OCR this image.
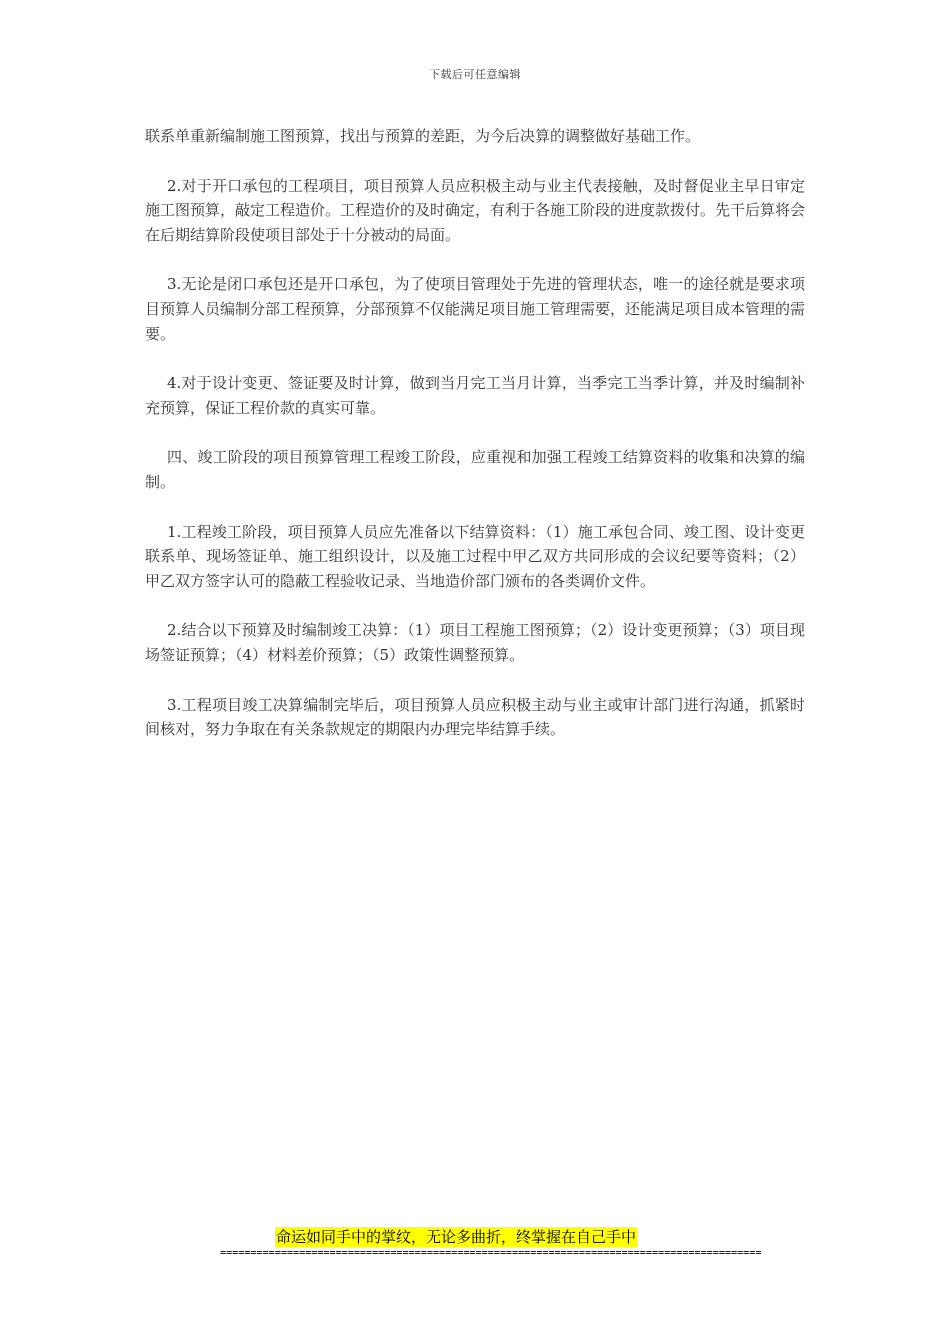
下载后可任意编辑

联系单重新编制施工图预算，找出与预算的差距，为今后决算的调整做好基础工作。

2.对于开口承包的工程项目，项目预算人员应积极主动与业主代表接触，及时督促业主早日审定施工图预算，敲定工程造价。工程造价的及时确定，有利于各施工阶段的进度款拨付。先干后算将会在后期结算阶段使项目部处于十分被动的局面。

3.无论是闭口承包还是开口承包，为了使项目管理处于先进的管理状态，唯一的途径就是要求项目预算人员编制分部工程预算，分部预算不仅能满足项目施工管理需要，还能满足项目成本管理的需要。

4.对于设计变更、签证要及时计算，做到当月完工当月计算，当季完工当季计算，并及时编制补充预算，保证工程价款的真实可靠。

四、竣工阶段的项目预算管理工程竣工阶段，应重视和加强工程竣工结算资料的收集和决算的编制。

1.工程竣工阶段，项目预算人员应先准备以下结算资料：（1）施工承包合同、竣工图、设计变更联系单、现场签证单、施工组织设计，以及施工过程中甲乙双方共同形成的会议纪要等资料；（2）甲乙双方签字认可的隐蔽工程验收记录、当地造价部门颁布的各类调价文件。

2.结合以下预算及时编制竣工决算：（1）项目工程施工图预算；（2）设计变更预算；（3）项目现场签证预算；（4）材料差价预算；（5）政策性调整预算。

3.工程项目竣工决算编制完毕后，项目预算人员应积极主动与业主或审计部门进行沟通，抓紧时间核对，努力争取在有关条款规定的期限内办理完毕结算手续。

命运如同手中的掌纹，无论多曲折，终掌握在自己手中
=========================================================================================
